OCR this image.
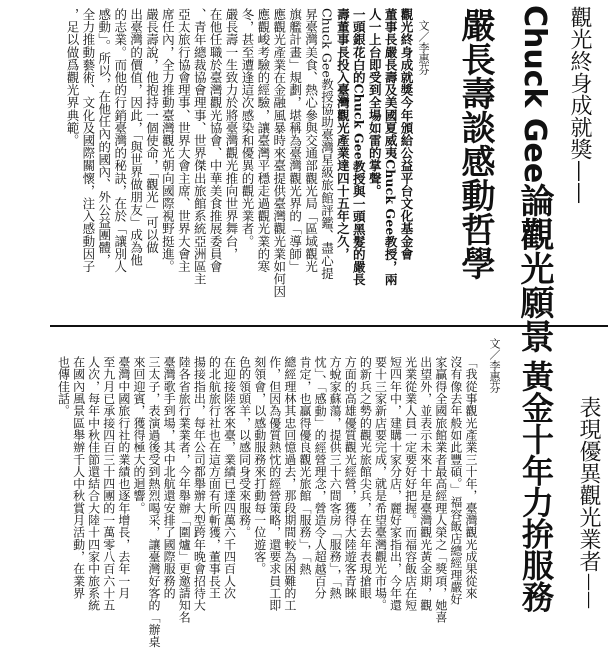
表現優異觀光業者
——
黃金十年力拚服務
文／李惠芬
「我從事觀光產業三十年，臺灣觀光成果從來
沒有像去年般如此豐碩。」福容飯店總經理嚴好
家贏得全國旅館業者最高經理人榮之「獎項，她喜
出望外，並表示未來十年是臺灣觀光黃金期，觀
光業從業人員一定要好好把握。而福容飯店在短
短四年中，建購十家分店，麗好家指出，今年還
要十三家新店要完成，就是希望臺灣觀光市場。
的新兵之勢的觀光旅館尖兵，在去年表現搶眼
方面的高雄優質觀光經營，獲得大陸遊客青睞
方蛻家蘇蕩，提供三十六間客房「服務」，「熱
忱」、「感動」的經營理念，營造令人超越百分
肯定，也贏得優良觀光旅館「服務」，「熱
總經理林其忠回憶過去，那段期間較為困難的工
作，但因為優質熱忱的經營策略，還要求員工即
刻領會，以感動服務來打動每一位遊客。
色的領頭羊，以感同身受來服務。
在迎接陸客來臺，業績已達四萬六千四百人次
的北航旅行社也在這方面有所斬獲，董事長王
揚接指出，每年公司都舉辦大型跨年晚會招待大
陸各省旅行業業者，今年舉辦「圍爐」更邀請知名
臺灣歌手到場，其中北航還安排了國際服務的
三太子，表演過後受到熱烈喝采，讓臺灣好客的「辦桌
來回迎賓，獲得極大的迴響。
臺灣中國旅行社的業績也逐年增長，去年一月
至九月已承接四百三十四團的一萬零八百六十五
人次，每年中秋佳節還結合大陸十四家中旅系統
在國內風景區舉辦千人中秋賞月活動，在業界
也傳佳話。
觀光終身成就獎——
Chuck Gee論觀光願景
嚴長壽談感動哲學
文／李惠芬
觀光終身成就獎今年頒給公益平台文化基金會
董事長嚴長壽及美國夏威夷Chuck Gee教授，兩
人一上台即受到全場如雷的掌聲。
一頭銀花白的Chuck Gee教授與一頭黑髮的嚴長
壽董事長投入臺灣觀光產業達四十五年之久，
Chuck Gee教授協助臺灣星級旅館評鑑、盡心提
昇臺灣美食、熱心參與交通部觀光局「區域觀光
旗艦計畫」規劃，堪稱為臺灣觀光界的「導師」
應觀光產業在金融風暴時來臺提供臺灣觀光業如何因
應觀峻考驗的經驗，讓臺灣平穩走過觀光業的寒
冬，甚至遭逢這次感染和優異的觀光業者。
嚴長壽一生致力於將臺灣觀光推向世界舞台，
在他任職於臺灣觀光協會、中華美食推展委員會
、青年總裁協會理事、世界傑出旅館系統亞洲區主
亞太旅行協會理事、世界大會主席、世界大會主
席任內，全力推動臺灣觀光朝向國際視野挺進。
嚴長壽說，他抱持一個使命，「觀光」可以做
出臺灣的價值，因此，「與世界做朋友」成為他
的志業。而他的行銷臺灣的秘訣，在於「讓別人
感動」。所以，在他任內的國內、外公益團體，
全力推動藝術、文化及國際關懷，注入感動因子
，足以做爲觀光界典範。
